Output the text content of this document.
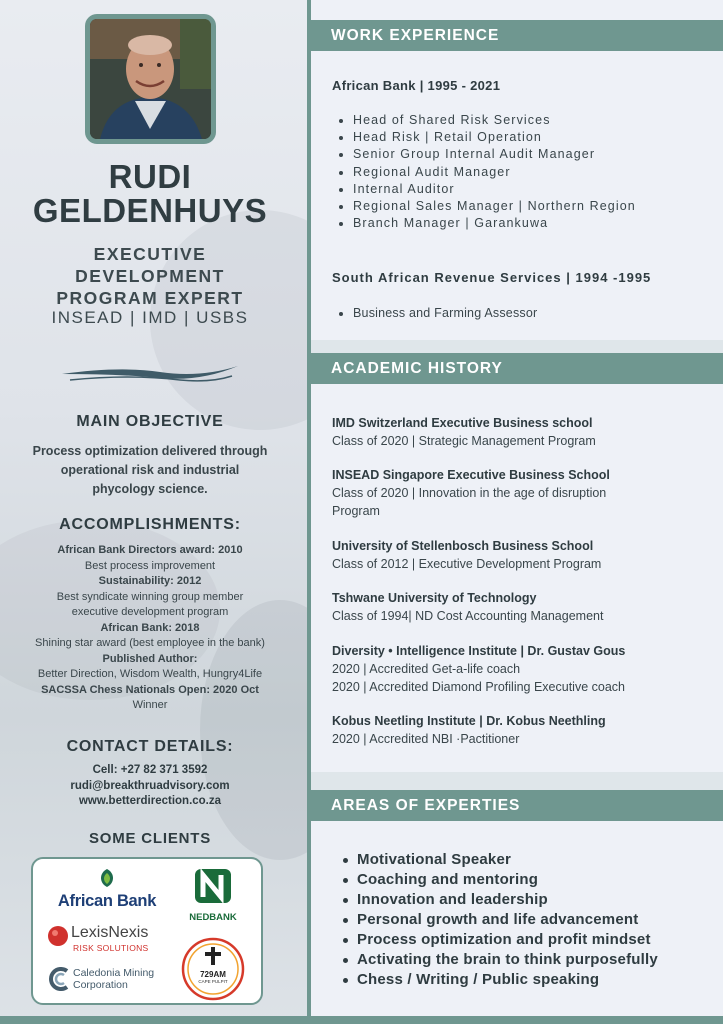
RUDI
GELDENHUYS
EXECUTIVE
DEVELOPMENT
PROGRAM EXPERT
INSEAD | IMD | USBS
MAIN OBJECTIVE
Process optimization delivered through operational risk and industrial phycology science.
ACCOMPLISHMENTS:
African Bank Directors award: 2010
Best process improvement
Sustainability: 2012
Best syndicate winning group member executive development program
African Bank: 2018
Shining star award (best employee in the bank)
Published Author:
Better Direction, Wisdom Wealth, Hungry4Life
SACSSA Chess Nationals Open: 2020 Oct
Winner
CONTACT DETAILS:
Cell: +27 82 371 3592
rudi@breakthruadvisory.com
www.betterdirection.co.za
SOME CLIENTS
African Bank
NEDBANK
LexisNexis
RISK SOLUTIONS
Caledonia Mining
Corporation
729AM
CAPE PULPIT
WORK EXPERIENCE
African Bank | 1995 - 2021
Head of Shared Risk Services
Head Risk | Retail Operation
Senior Group Internal Audit Manager
Regional Audit Manager
Internal Auditor
Regional Sales Manager | Northern Region
Branch Manager | Garankuwa
South African Revenue Services | 1994 -1995
Business and Farming Assessor
ACADEMIC HISTORY
IMD Switzerland Executive Business school
Class of 2020 | Strategic Management Program
INSEAD Singapore Executive Business School
Class of 2020 | Innovation in the age of disruption
Program
University of Stellenbosch Business School
Class of 2012 | Executive Development Program
Tshwane University of Technology
Class of 1994| ND Cost Accounting Management
Diversity • Intelligence Institute | Dr. Gustav Gous
2020 | Accredited Get-a-life coach
2020 | Accredited Diamond Profiling Executive coach
Kobus Neetling Institute | Dr. Kobus Neethling
2020 | Accredited NBI ·Pactitioner
AREAS OF EXPERTIES
Motivational Speaker
Coaching and mentoring
Innovation and leadership
Personal growth and life advancement
Process optimization and profit mindset
Activating the brain to think purposefully
Chess / Writing / Public speaking
